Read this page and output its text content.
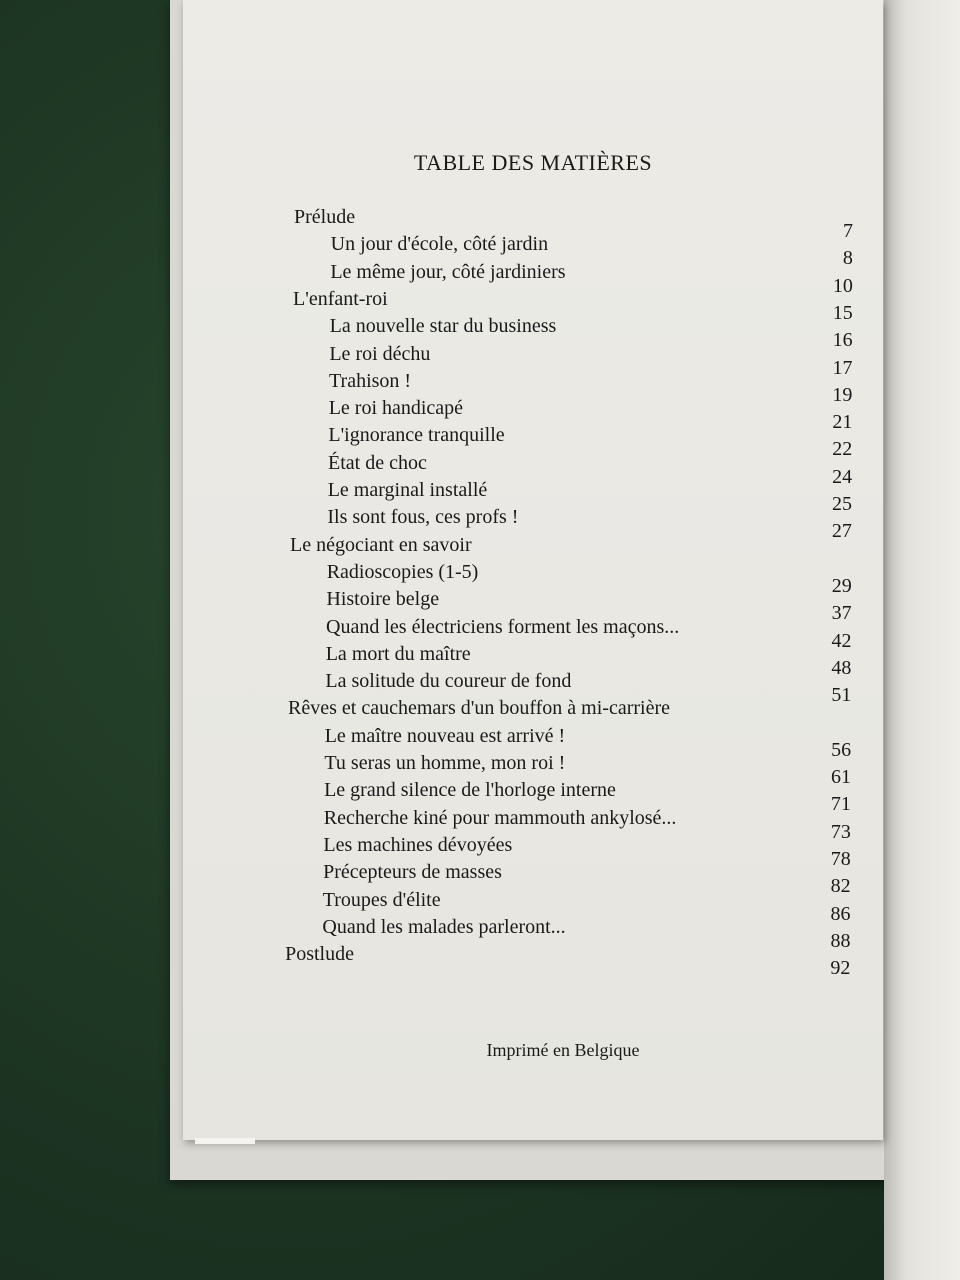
TABLE DES MATIÈRES
Prélude
7
Un jour d'école, côté jardin
8
Le même jour, côté jardiniers
10
L'enfant-roi
15
La nouvelle star du business
16
Le roi déchu
17
Trahison !
19
Le roi handicapé
21
L'ignorance tranquille
22
État de choc
24
Le marginal installé
25
Ils sont fous, ces profs !
27
Le négociant en savoir
Radioscopies (1-5)
29
Histoire belge
37
Quand les électriciens forment les maçons...
42
La mort du maître
48
La solitude du coureur de fond
51
Rêves et cauchemars d'un bouffon à mi-carrière
Le maître nouveau est arrivé !
56
Tu seras un homme, mon roi !
61
Le grand silence de l'horloge interne
71
Recherche kiné pour mammouth ankylosé...
73
Les machines dévoyées
78
Précepteurs de masses
82
Troupes d'élite
86
Quand les malades parleront...
88
Postlude
92
Imprimé en Belgique
